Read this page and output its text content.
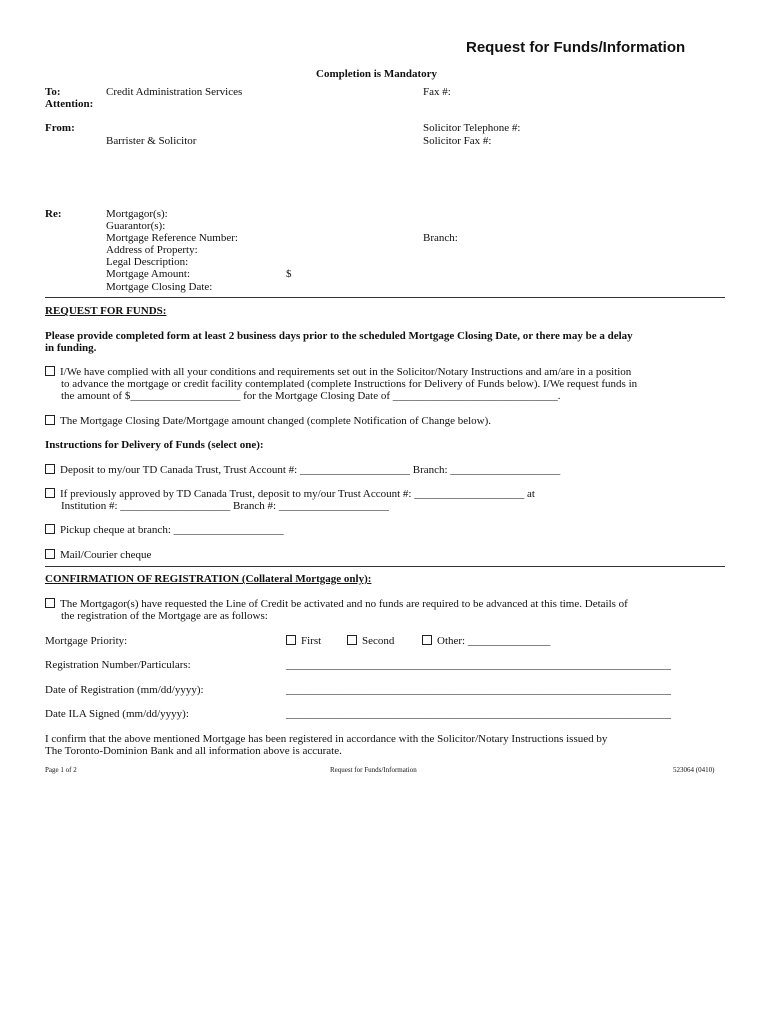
Request for Funds/Information
Completion is Mandatory
To:	Credit Administration Services	Fax #:
Attention:
From:	Solicitor Telephone #:
Barrister & Solicitor	Solicitor Fax #:
Re:	Mortgagor(s):
Guarantor(s):
Mortgage Reference Number:	Branch:
Address of Property:
Legal Description:
Mortgage Amount:	$
Mortgage Closing Date:
REQUEST FOR FUNDS:
Please provide completed form at least 2 business days prior to the scheduled Mortgage Closing Date, or there may be a delay
in funding.
I/We have complied with all your conditions and requirements set out in the Solicitor/Notary Instructions and am/are in a position
to advance the mortgage or credit facility contemplated (complete Instructions for Delivery of Funds below). I/We request funds in
the amount of $____________________ for the Mortgage Closing Date of ______________________________.
The Mortgage Closing Date/Mortgage amount changed (complete Notification of Change below).
Instructions for Delivery of Funds (select one):
Deposit to my/our TD Canada Trust, Trust Account #: ____________________ Branch: ____________________
If previously approved by TD Canada Trust, deposit to my/our Trust Account #: ____________________ at
Institution #: ____________________ Branch #: ____________________
Pickup cheque at branch: ____________________
Mail/Courier cheque
CONFIRMATION OF REGISTRATION (Collateral Mortgage only):
The Mortgagor(s) have requested the Line of Credit be activated and no funds are required to be advanced at this time. Details of
the registration of the Mortgage are as follows:
Mortgage Priority:	First	Second	Other: _______________
Registration Number/Particulars:	______________________________________________________________________
Date of Registration (mm/dd/yyyy):	______________________________________________________________________
Date ILA Signed (mm/dd/yyyy):	______________________________________________________________________
I confirm that the above mentioned Mortgage has been registered in accordance with the Solicitor/Notary Instructions issued by
The Toronto-Dominion Bank and all information above is accurate.
Page 1 of 2	Request for Funds/Information	523064 (0410)
